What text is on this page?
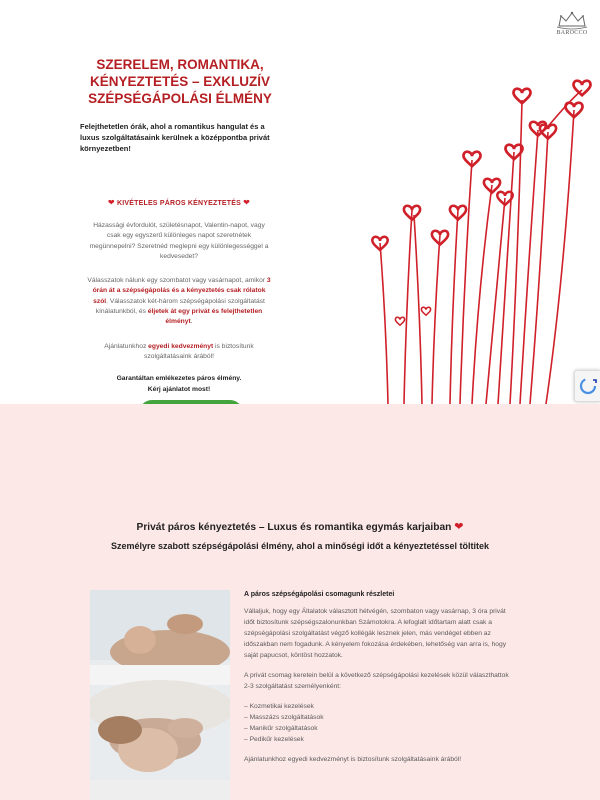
BAROCCO
SZERELEM, ROMANTIKA, KÉNYEZTETÉS – EXKLUZÍV SZÉPSÉGÁPOLÁSI ÉLMÉNY

Felejthetetlen órák, ahol a romantikus hangulat és a luxus szolgáltatásaink kerülnek a középpontba privát környezetben!

❤ KIVÉTELES PÁROS KÉNYEZTETÉS ❤

Házassági évfordulót, születésnapot, Valentin-napot, vagy csak egy egyszerű különleges napot szeretnétek megünnepelni? Szeretnéd meglepni egy különlegességgel a kedvesedet?

Válasszatok nálunk egy szombatot vagy vasárnapot, amikor 3 órán át a szépségápolás és a kényeztetés csak rólatok szól. Válasszatok két-három szépségápolási szolgáltatást kínálatunkból, és éljetek át egy privát és felejthetetlen élményt.

Ajánlatunkhoz egyedi kedvezményt is biztosítunk szolgáltatásaink árából!

Garantáltan emlékezetes páros élmény.
Kérj ajánlatot most!

Privát páros kényeztetés – Luxus és romantika egymás karjaiban ❤
Személyre szabott szépségápolási élmény, ahol a minőségi időt a kényeztetéssel töltitek
A páros szépségápolási csomagunk részletei

Vállaljuk, hogy egy Általatok választott hétvégén, szombaton vagy vasárnap, 3 óra privát időt biztosítunk szépségszalonunkban Számotokra. A lefoglalt időtartam alatt csak a szépségápolási szolgáltatást végző kollégák lesznek jelen, más vendéget ebben az időszakban nem fogadunk. A kényelem fokozása érdekében, lehetőség van arra is, hogy saját papucsot, köntöst hozzatok.

A privát csomag keretein belül a következő szépségápolási kezelések közül választhattok 2-3 szolgáltatást személyenként:

– Kozmetikai kezelések
– Masszázs szolgáltatások
– Manikűr szolgáltatások
– Pedikűr kezelések

Ajánlatunkhoz egyedi kedvezményt is biztosítunk szolgáltatásaink árából!
